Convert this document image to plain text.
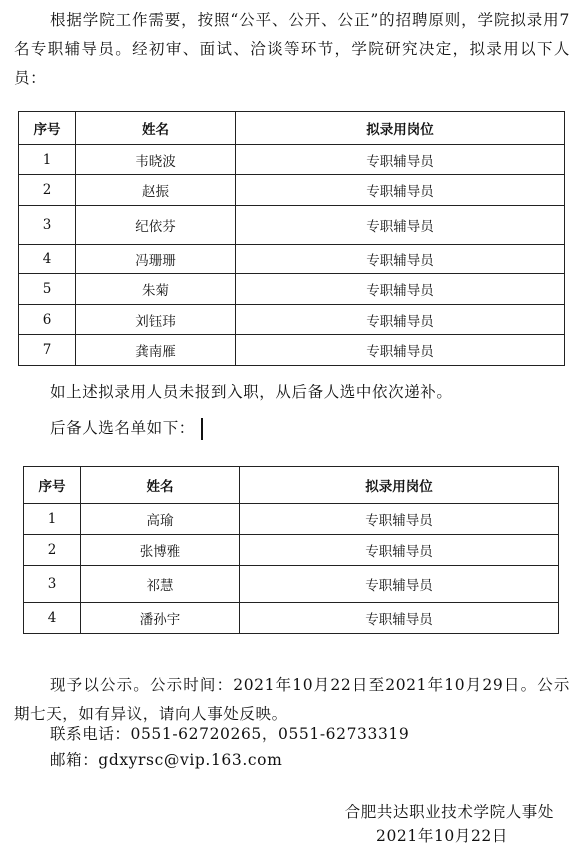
根据学院工作需要，按照“公平、公开、公正”的招聘原则，学院拟录用7名专职辅导员。经初审、面试、洽谈等环节，学院研究决定，拟录用以下人员：
序号	姓名	拟录用岗位
1	韦晓波	专职辅导员
2	赵振	专职辅导员
3	纪依芬	专职辅导员
4	冯珊珊	专职辅导员
5	朱菊	专职辅导员
6	刘钰玮	专职辅导员
7	龚南雁	专职辅导员
如上述拟录用人员未报到入职，从后备人选中依次递补。
后备人选名单如下：
序号	姓名	拟录用岗位
1	高瑜	专职辅导员
2	张博雅	专职辅导员
3	祁慧	专职辅导员
4	潘孙宇	专职辅导员
现予以公示。公示时间：2021年10月22日至2021年10月29日。公示期七天，如有异议，请向人事处反映。
联系电话：0551-62720265，0551-62733319
邮箱：gdxyrsc@vip.163.com
合肥共达职业技术学院人事处
2021年10月22日
